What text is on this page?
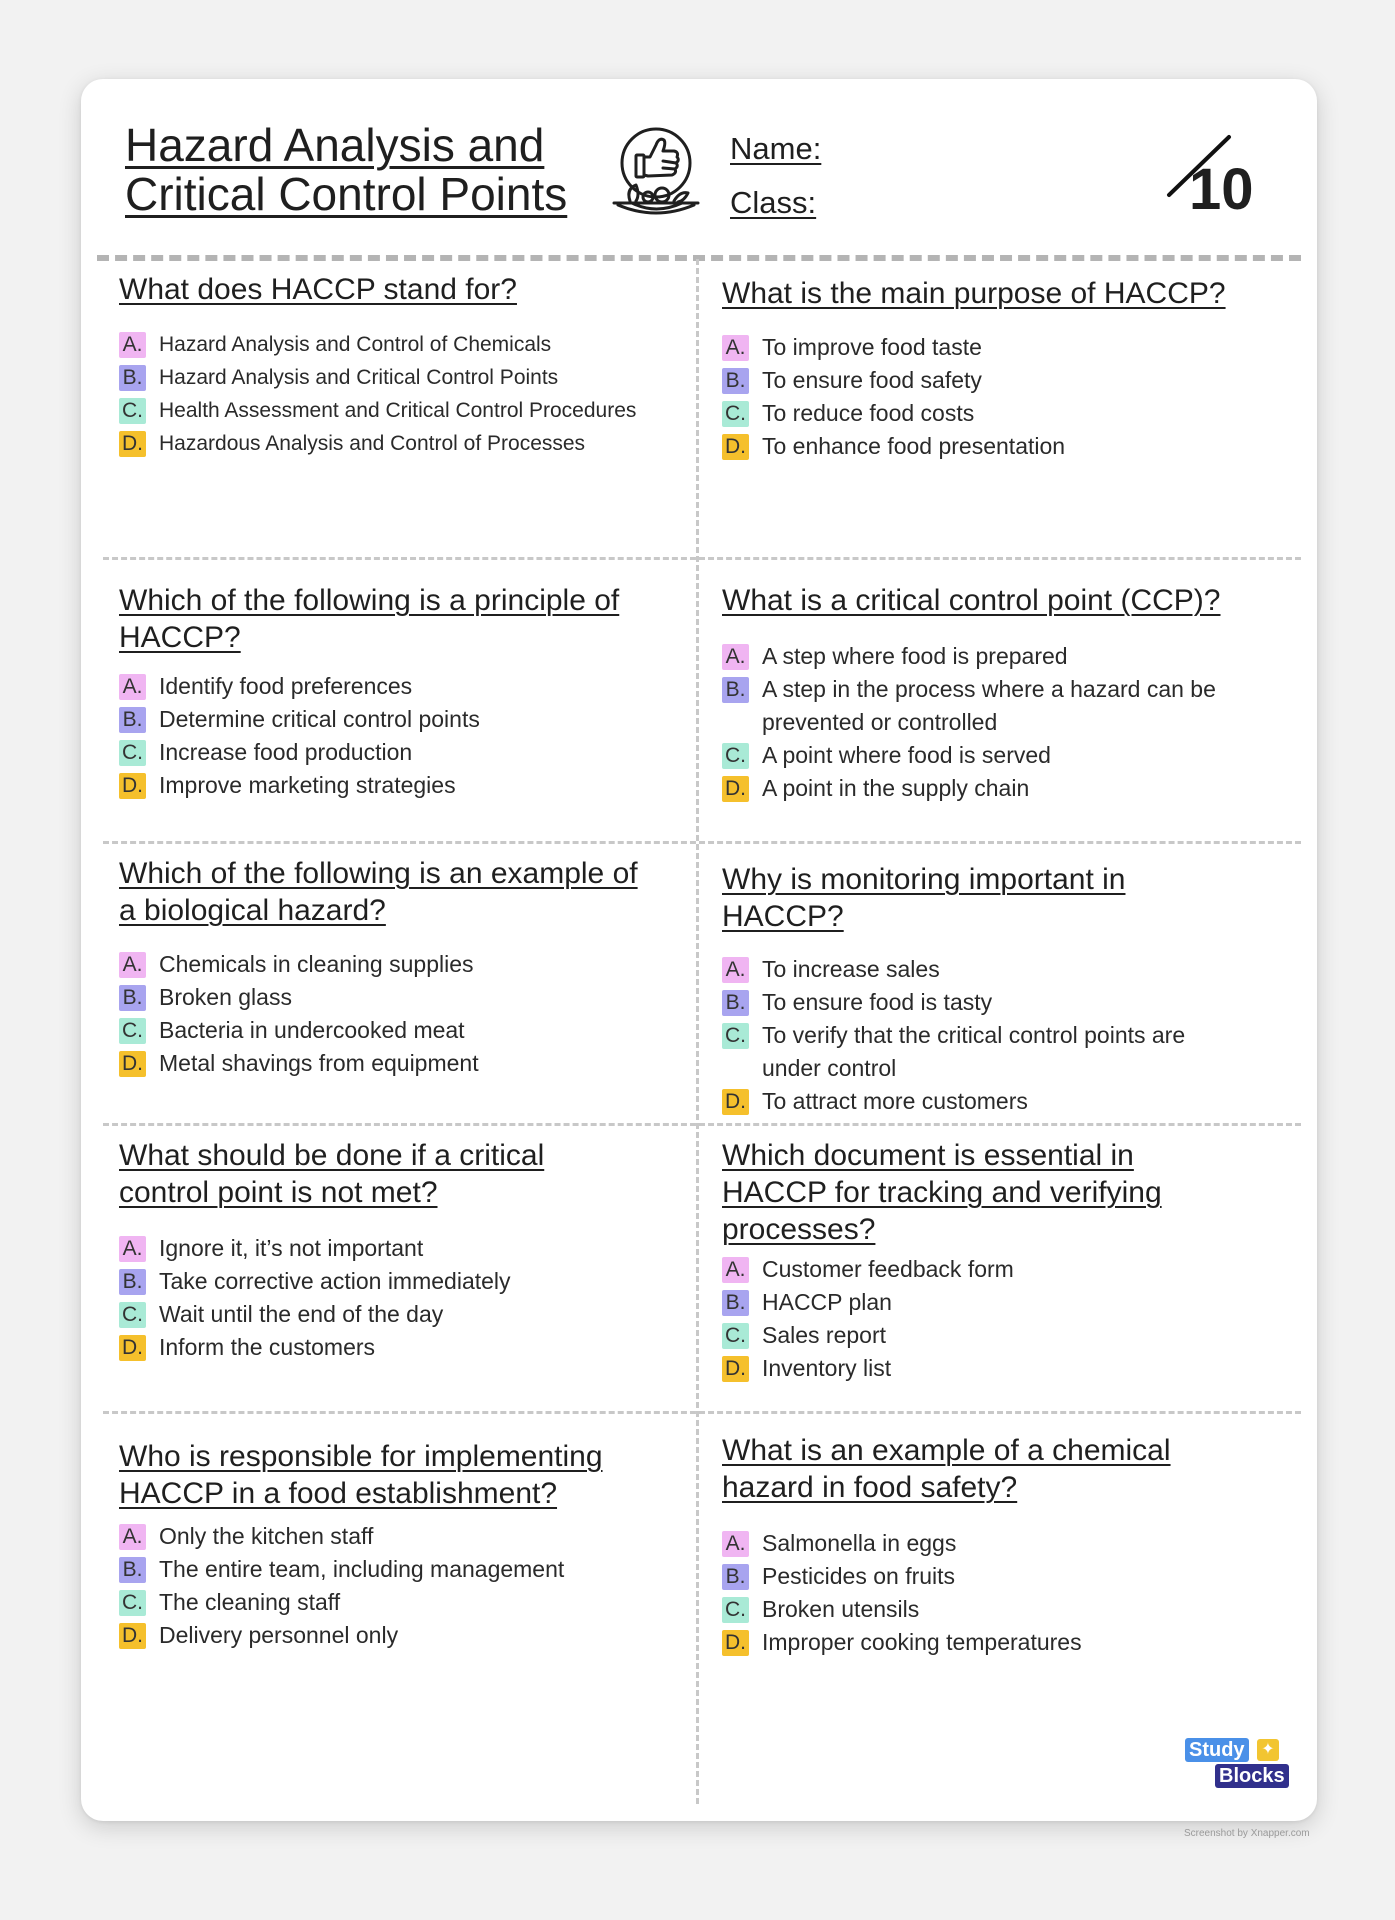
Hazard Analysis and
Critical Control Points
Name:
Class:	10
What does HACCP stand for?
A. Hazard Analysis and Control of Chemicals
B. Hazard Analysis and Critical Control Points
C. Health Assessment and Critical Control Procedures
D. Hazardous Analysis and Control of Processes
What is the main purpose of HACCP?
A. To improve food taste
B. To ensure food safety
C. To reduce food costs
D. To enhance food presentation
Which of the following is a principle of HACCP?
A. Identify food preferences
B. Determine critical control points
C. Increase food production
D. Improve marketing strategies
What is a critical control point (CCP)?
A. A step where food is prepared
B. A step in the process where a hazard can be prevented or controlled
C. A point where food is served
D. A point in the supply chain
Which of the following is an example of a biological hazard?
A. Chemicals in cleaning supplies
B. Broken glass
C. Bacteria in undercooked meat
D. Metal shavings from equipment
Why is monitoring important in HACCP?
A. To increase sales
B. To ensure food is tasty
C. To verify that the critical control points are under control
D. To attract more customers
What should be done if a critical control point is not met?
A. Ignore it, it’s not important
B. Take corrective action immediately
C. Wait until the end of the day
D. Inform the customers
Which document is essential in HACCP for tracking and verifying processes?
A. Customer feedback form
B. HACCP plan
C. Sales report
D. Inventory list
Who is responsible for implementing HACCP in a food establishment?
A. Only the kitchen staff
B. The entire team, including management
C. The cleaning staff
D. Delivery personnel only
What is an example of a chemical hazard in food safety?
A. Salmonella in eggs
B. Pesticides on fruits
C. Broken utensils
D. Improper cooking temperatures
Study ✦
Blocks
Screenshot by Xnapper.com
